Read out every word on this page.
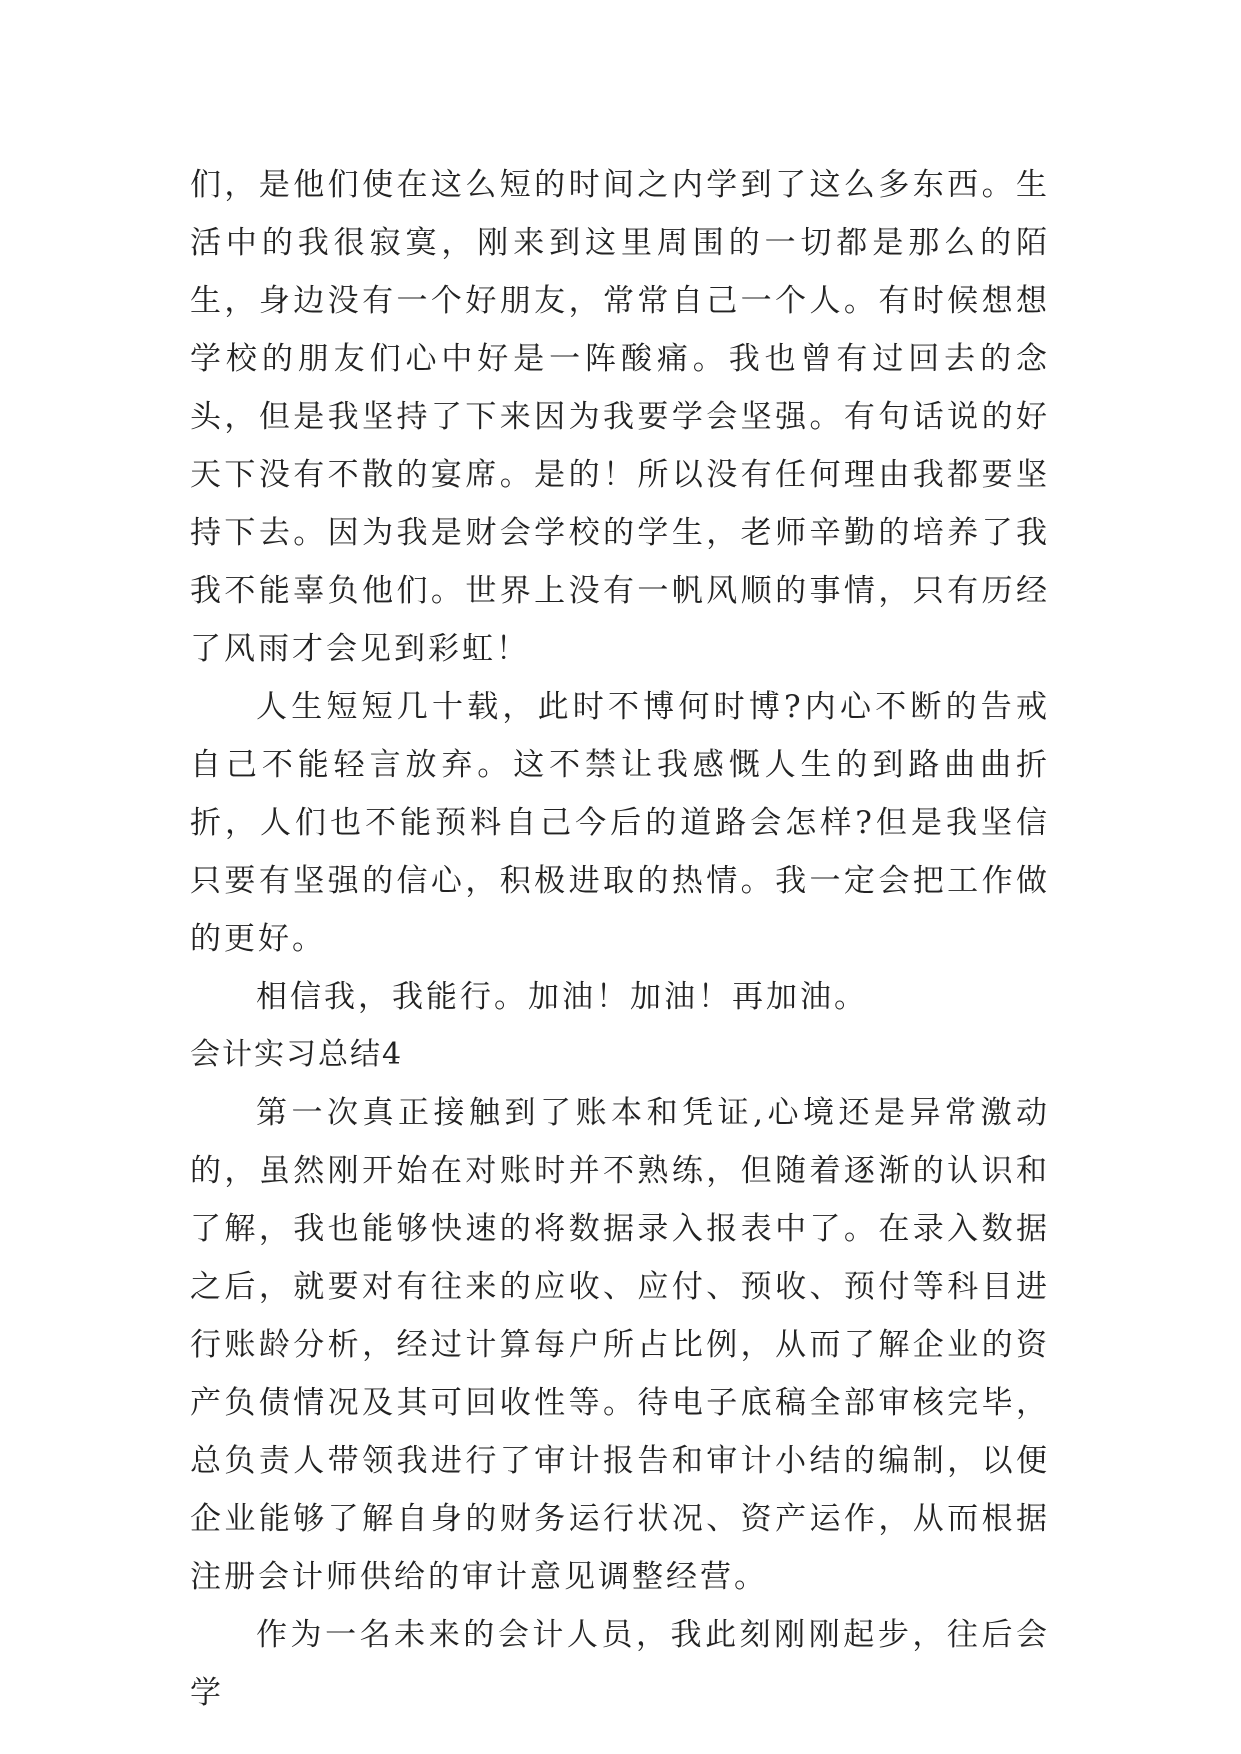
们，是他们使在这么短的时间之内学到了这么多东西。生活中的我很寂寞，刚来到这里周围的一切都是那么的陌生，身边没有一个好朋友，常常自己一个人。有时候想想学校的朋友们心中好是一阵酸痛。我也曾有过回去的念头，但是我坚持了下来因为我要学会坚强。有句话说的好天下没有不散的宴席。是的！所以没有任何理由我都要坚持下去。因为我是财会学校的学生，老师辛勤的培养了我我不能辜负他们。世界上没有一帆风顺的事情，只有历经了风雨才会见到彩虹！

人生短短几十载，此时不博何时博?内心不断的告戒自己不能轻言放弃。这不禁让我感慨人生的到路曲曲折折，人们也不能预料自己今后的道路会怎样?但是我坚信只要有坚强的信心，积极进取的热情。我一定会把工作做的更好。

相信我，我能行。加油！加油！再加油。

会计实习总结4

第一次真正接触到了账本和凭证,心境还是异常激动的，虽然刚开始在对账时并不熟练，但随着逐渐的认识和了解，我也能够快速的将数据录入报表中了。在录入数据之后，就要对有往来的应收、应付、预收、预付等科目进行账龄分析，经过计算每户所占比例，从而了解企业的资产负债情况及其可回收性等。待电子底稿全部审核完毕，总负责人带领我进行了审计报告和审计小结的编制，以便企业能够了解自身的财务运行状况、资产运作，从而根据注册会计师供给的审计意见调整经营。

作为一名未来的会计人员，我此刻刚刚起步，往后会学
